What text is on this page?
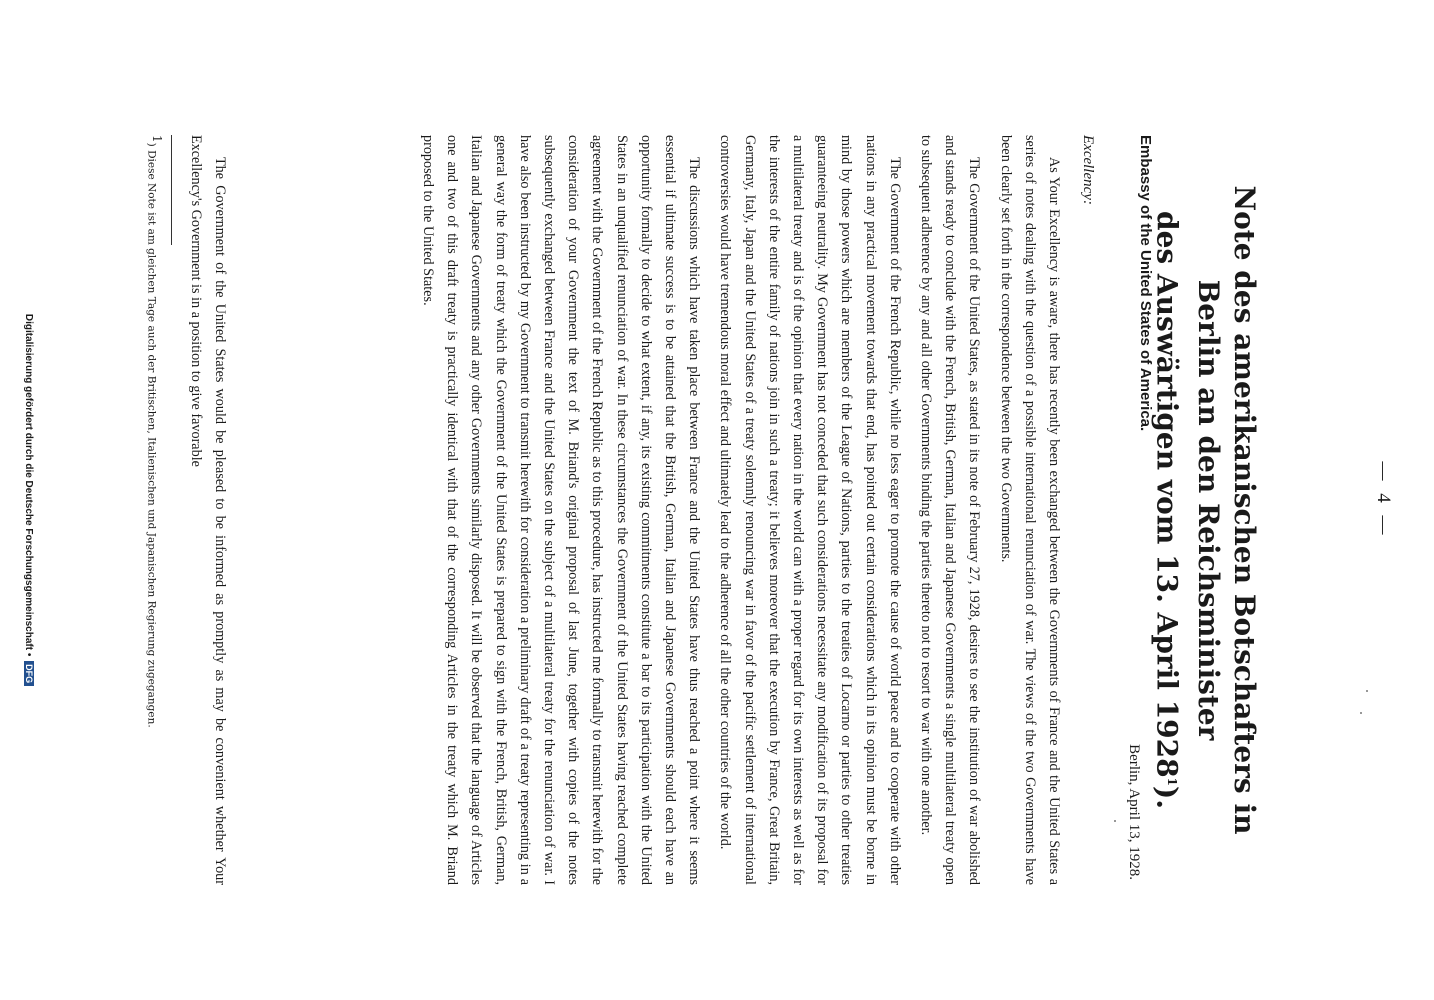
— 4 —
Note des amerikanischen Botschafters in Berlin an den Reichsminister
des Auswärtigen vom 13. April 1928$^1$).
Embassy of the United States of America.
Berlin, April 13, 1928.
Excellency:

As Your Excellency is aware, there has recently been exchanged between the Governments of France and the United States a series of notes dealing with the question of a possible international renunciation of war. The views of the two Governments have been clearly set forth in the correspondence between the two Governments.

The Government of the United States, as stated in its note of February 27, 1928, desires to see the institution of war abolished and stands ready to conclude with the French, British, German, Italian and Japanese Governments a single multilateral treaty open to subsequent adherence by any and all other Governments binding the parties thereto not to resort to war with one another.

The Government of the French Republic, while no less eager to promote the cause of world peace and to cooperate with other nations in any practical movement towards that end, has pointed out certain considerations which in its opinion must be borne in mind by those powers which are members of the League of Nations, parties to the treaties of Locarno or parties to other treaties guaranteeing neutrality. My Government has not conceded that such considerations necessitate any modification of its proposal for a multilateral treaty and is of the opinion that every nation in the world can with a proper regard for its own interests as well as for the interests of the entire family of nations join in such a treaty; it believes moreover that the execution by France, Great Britain, Germany, Italy, Japan and the United States of a treaty solemnly renouncing war in favor of the pacific settlement of international controversies would have tremendous moral effect and ultimately lead to the adherence of all the other countries of the world.

The discussions which have taken place between France and the United States have thus reached a point where it seems essential if ultimate success is to be attained that the British, German, Italian and Japanese Governments should each have an opportunity formally to decide to what extent, if any, its existing commitments constitute a bar to its participation with the United States in an unqualified renunciation of war. In these circumstances the Government of the United States having reached complete agreement with the Government of the French Republic as to this procedure, has instructed me formally to transmit herewith for the consideration of your Government the text of M. Briand's original proposal of last June, together with copies of the notes subsequently exchanged between France and the United States on the subject of a multilateral treaty for the renunciation of war. I have also been instructed by my Government to transmit herewith for consideration a preliminary draft of a treaty representing in a general way the form of treaty which the Government of the United States is prepared to sign with the French, British, German, Italian and Japanese Governments and any other Governments similarly disposed. It will be observed that the language of Articles one and two of this draft treaty is practically identical with that of the corresponding Articles in the treaty which M. Briand proposed to the United States.

The Government of the United States would be pleased to be informed as promptly as may be convenient whether Your Excellency's Government is in a position to give favorable
$^1$) Diese Note ist am gleichen Tage auch der Britischen, Italienischen und Japanischen Regierung zugegangen.
Digitalisierung gefördert durch die Deutsche Forschungsgemeinschaft • DFG
